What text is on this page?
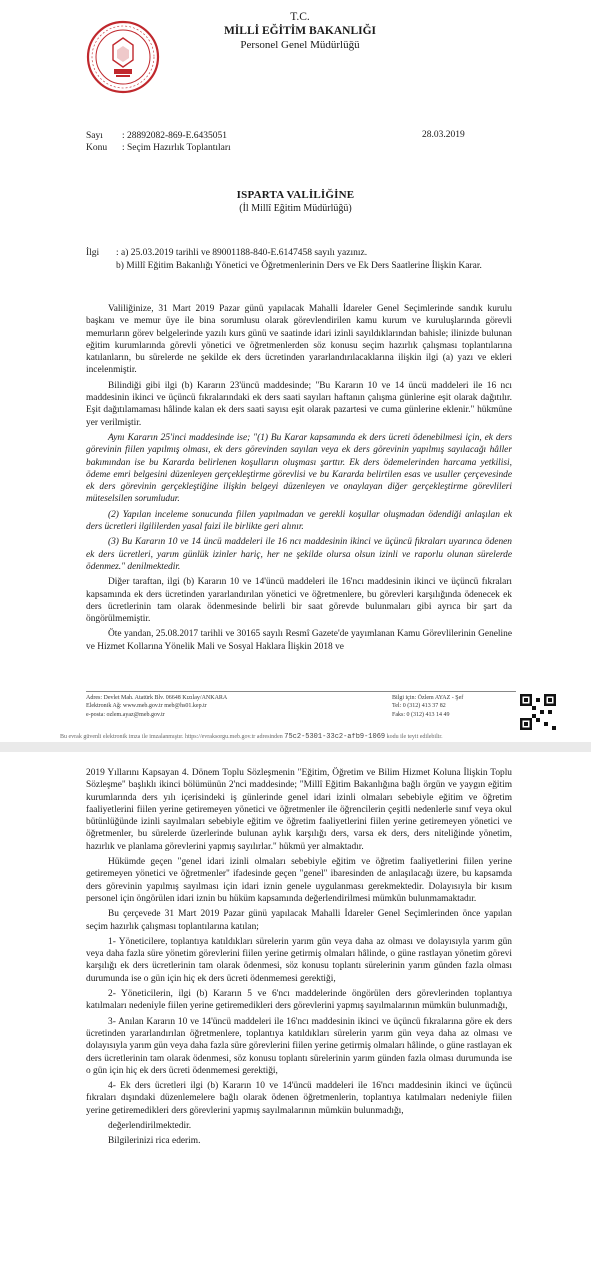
T.C.
MİLLİ EĞİTİM BAKANLIĞI
Personel Genel Müdürlüğü
Sayı : 28892082-869-E.6435051
Konu : Seçim Hazırlık Toplantıları
28.03.2019
ISPARTA VALİLİĞİNE
(İl Millî Eğitim Müdürlüğü)
İlgi : a) 25.03.2019 tarihli ve 89001188-840-E.6147458 sayılı yazınız.
b) Millî Eğitim Bakanlığı Yönetici ve Öğretmenlerinin Ders ve Ek Ders Saatlerine İlişkin Karar.

Valiliğinize, 31 Mart 2019 Pazar günü yapılacak Mahalli İdareler Genel Seçimlerinde sandık kurulu başkanı ve memur üye ile bina sorumlusu olarak görevlendirilen kamu kurum ve kuruluşlarında görevli memurların görev belgelerinde yazılı kurs günü ve saatinde idari izinli sayıldıklarından bahisle; ilinizde bulunan eğitim kurumlarında görevli yönetici ve öğretmenlerden söz konusu seçim hazırlık çalışması toplantılarına katılanların, bu sürelerde ne şekilde ek ders ücretinden yararlandırılacaklarına ilişkin ilgi (a) yazı ve ekleri incelenmiştir.

Bilindiği gibi ilgi (b) Kararın 23'üncü maddesinde; "Bu Kararın 10 ve 14 üncü maddeleri ile 16 ncı maddesinin ikinci ve üçüncü fıkralarındaki ek ders saati sayıları haftanın çalışma günlerine eşit olarak dağıtılır. Eşit dağıtılamaması hâlinde kalan ek ders saati sayısı eşit olarak pazartesi ve cuma günlerine eklenir." hükmüne yer verilmiştir.

Aynı Kararın 25'inci maddesinde ise; "(1) Bu Karar kapsamında ek ders ücreti ödenebilmesi için, ek ders görevinin fiilen yapılmış olması, ek ders görevinden sayılan veya ek ders görevinin yapılmış sayılacağı hâller bakımından ise bu Kararda belirlenen koşulların oluşması şarttır. Ek ders ödemelerinden harcama yetkilisi, ödeme emri belgesini düzenleyen gerçekleştirme görevlisi ve bu Kararda belirtilen esas ve usuller çerçevesinde ek ders görevinin gerçekleştiğine ilişkin belgeyi düzenleyen ve onaylayan diğer gerçekleştirme görevlileri müteselsilen sorumludur.

(2) Yapılan inceleme sonucunda fiilen yapılmadan ve gerekli koşullar oluşmadan ödendiği anlaşılan ek ders ücretleri ilgililerden yasal faizi ile birlikte geri alınır.

(3) Bu Kararın 10 ve 14 üncü maddeleri ile 16 ncı maddesinin ikinci ve üçüncü fıkraları uyarınca ödenen ek ders ücretleri, yarım günlük izinler hariç, her ne şekilde olursa olsun izinli ve raporlu olunan sürelerde ödenmez." denilmektedir.

Diğer taraftan, ilgi (b) Kararın 10 ve 14'üncü maddeleri ile 16'ncı maddesinin ikinci ve üçüncü fıkraları kapsamında ek ders ücretinden yararlandırılan yönetici ve öğretmenlere, bu görevleri karşılığında ödenecek ek ders ücretlerinin tam olarak ödenmesinde belirli bir saat görevde bulunmaları gibi ayrıca bir şart da öngörülmemiştir.

Öte yandan, 25.08.2017 tarihli ve 30165 sayılı Resmî Gazete'de yayımlanan Kamu Görevlilerinin Geneline ve Hizmet Kollarına Yönelik Mali ve Sosyal Haklara İlişkin 2018 ve

Adres: Devlet Mah. Atatürk Blv. 06648 Kızılay/ANKARA
Elektronik Ağ: www.meb.gov.tr meb@hs01.kep.tr
e-posta: ozlem.ayaz@meb.gov.tr
Bilgi için: Özlem AYAZ - Şef
Tel: 0 (312) 413 37 82
Faks: 0 (312) 413 14 49
Bu evrak güvenli elektronik imza ile imzalanmıştır. https://evraksorgu.meb.gov.tr adresinden 75c2-5301-33c2-afb9-1069 kodu ile teyit edilebilir.

2019 Yıllarını Kapsayan 4. Dönem Toplu Sözleşmenin "Eğitim, Öğretim ve Bilim Hizmet Koluna İlişkin Toplu Sözleşme" başlıklı ikinci bölümünün 2'nci maddesinde; "Millî Eğitim Bakanlığına bağlı örgün ve yaygın eğitim kurumlarında ders yılı içerisindeki iş günlerinde genel idari izinli olmaları sebebiyle eğitim ve öğretim faaliyetlerini fiilen yerine getiremeyen yönetici ve öğretmenler ile öğrencilerin çeşitli nedenlerle sınıf veya okul bütünlüğünde izinli sayılmaları sebebiyle eğitim ve öğretim faaliyetlerini fiilen yerine getiremeyen yönetici ve öğretmenler, bu sürelerde üzerlerinde bulunan aylık karşılığı ders, varsa ek ders, ders niteliğinde yönetim, hazırlık ve planlama görevlerini yapmış sayılırlar." hükmü yer almaktadır.

Hükümde geçen "genel idari izinli olmaları sebebiyle eğitim ve öğretim faaliyetlerini fiilen yerine getiremeyen yönetici ve öğretmenler" ifadesinde geçen "genel" ibaresinden de anlaşılacağı üzere, bu kapsamda ders görevinin yapılmış sayılması için idari iznin genele uygulanması gerekmektedir. Dolayısıyla bir kısım personel için öngörülen idari iznin bu hüküm kapsamında değerlendirilmesi mümkün bulunmamaktadır.

Bu çerçevede 31 Mart 2019 Pazar günü yapılacak Mahalli İdareler Genel Seçimlerinden önce yapılan seçim hazırlık çalışması toplantılarına katılan;

1- Yöneticilere, toplantıya katıldıkları sürelerin yarım gün veya daha az olması ve dolayısıyla yarım gün veya daha fazla süre yönetim görevlerini fiilen yerine getirmiş olmaları hâlinde, o güne rastlayan yönetim görevi karşılığı ek ders ücretlerinin tam olarak ödenmesi, söz konusu toplantı sürelerinin yarım günden fazla olması durumunda ise o gün için hiç ek ders ücreti ödenmemesi gerektiği,

2- Yöneticilerin, ilgi (b) Kararın 5 ve 6'ncı maddelerinde öngörülen ders görevlerinden toplantıya katılmaları nedeniyle fiilen yerine getiremedikleri ders görevlerini yapmış sayılmalarının mümkün bulunmadığı,

3- Anılan Kararın 10 ve 14'üncü maddeleri ile 16'ncı maddesinin ikinci ve üçüncü fıkralarına göre ek ders ücretinden yararlandırılan öğretmenlere, toplantıya katıldıkları sürelerin yarım gün veya daha az olması ve dolayısıyla yarım gün veya daha fazla süre görevlerini fiilen yerine getirmiş olmaları hâlinde, o güne rastlayan ek ders ücretlerinin tam olarak ödenmesi, söz konusu toplantı sürelerinin yarım günden fazla olması durumunda ise o gün için hiç ek ders ücreti ödenmemesi gerektiği,

4- Ek ders ücretleri ilgi (b) Kararın 10 ve 14'üncü maddeleri ile 16'ncı maddesinin ikinci ve üçüncü fıkraları dışındaki düzenlemelere bağlı olarak ödenen öğretmenlerin, toplantıya katılmaları nedeniyle fiilen yerine getiremedikleri ders görevlerini yapmış sayılmalarının mümkün bulunmadığı,

değerlendirilmektedir.

Bilgilerinizi rica ederim.
